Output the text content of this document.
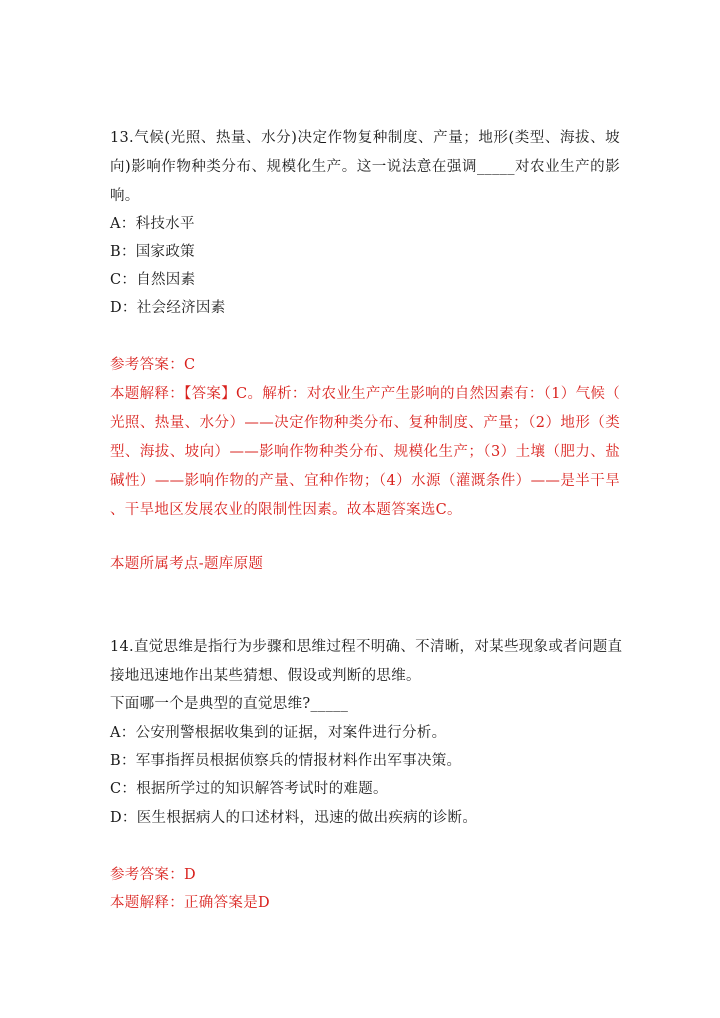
13.气候(光照、热量、水分)决定作物复种制度、产量；地形(类型、海拔、坡
向)影响作物种类分布、规模化生产。这一说法意在强调_____对农业生产的影
响。
A：科技水平
B：国家政策
C：自然因素
D：社会经济因素
参考答案：C
本题解释：【答案】C。解析：对农业生产产生影响的自然因素有：（1）气候（
光照、热量、水分）——决定作物种类分布、复种制度、产量；（2）地形（类
型、海拔、坡向）——影响作物种类分布、规模化生产；（3）土壤（肥力、盐
碱性）——影响作物的产量、宜种作物；（4）水源（灌溉条件）——是半干旱
、干旱地区发展农业的限制性因素。故本题答案选C。
本题所属考点-题库原题
14.直觉思维是指行为步骤和思维过程不明确、不清晰，对某些现象或者问题直
接地迅速地作出某些猜想、假设或判断的思维。
下面哪一个是典型的直觉思维?_____
A：公安刑警根据收集到的证据，对案件进行分析。
B：军事指挥员根据侦察兵的情报材料作出军事决策。
C：根据所学过的知识解答考试时的难题。
D：医生根据病人的口述材料，迅速的做出疾病的诊断。
参考答案：D
本题解释：正确答案是D
